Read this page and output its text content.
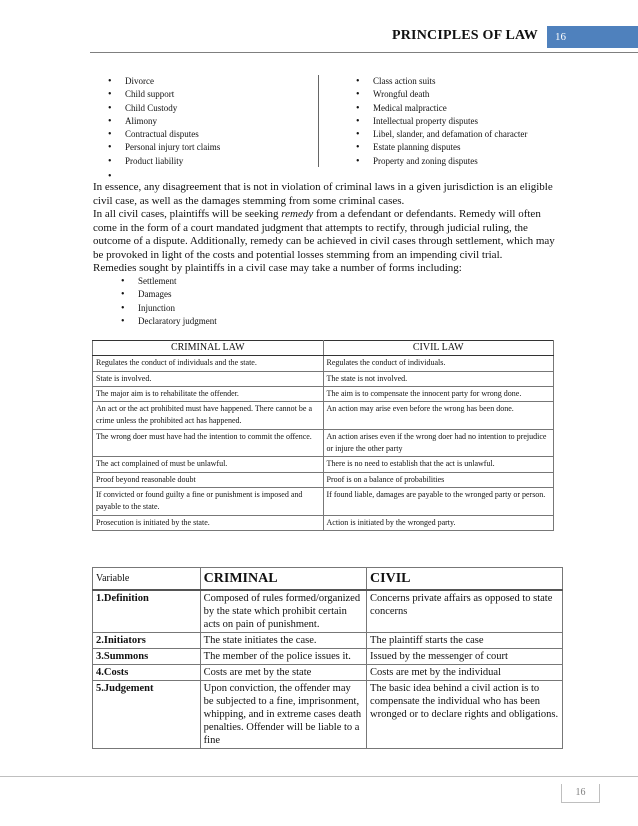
PRINCIPLES OF LAW	16
• Divorce
• Child support
• Child Custody
• Alimony
• Contractual disputes
• Personal injury tort claims
• Product liability
• Class action suits
• Wrongful death
• Medical malpractice
• Intellectual property disputes
• Libel, slander, and defamation of character
• Estate planning disputes
• Property and zoning disputes
•
In essence, any disagreement that is not in violation of criminal laws in a given jurisdiction is an eligible civil case, as well as the damages stemming from some criminal cases.
In all civil cases, plaintiffs will be seeking remedy from a defendant or defendants. Remedy will often come in the form of a court mandated judgment that attempts to rectify, through judicial ruling, the outcome of a dispute. Additionally, remedy can be achieved in civil cases through settlement, which may be provoked in light of the costs and potential losses stemming from an impending civil trial.
Remedies sought by plaintiffs in a civil case may take a number of forms including:
• Settlement
• Damages
• Injunction
• Declaratory judgment
CRIMINAL LAW	CIVIL LAW
Regulates the conduct of individuals and the state.	Regulates the conduct of individuals.
State is involved.	The state is not involved.
The major aim is to rehabilitate the offender.	The aim is to compensate the innocent party for wrong done.
An act or the act prohibited must have happened. There cannot be a crime unless the prohibited act has happened.	An action may arise even before the wrong has been done.
The wrong doer must have had the intention to commit the offence.	An action arises even if the wrong doer had no intention to prejudice or injure the other party
The act complained of must be unlawful.	There is no need to establish that the act is unlawful.
Proof beyond reasonable doubt	Proof is on a balance of probabilities
If convicted or found guilty a fine or punishment is imposed and payable to the state.	If found liable, damages are payable to the wronged party or person.
Prosecution is initiated by the state.	Action is initiated by the wronged party.
Variable	CRIMINAL	CIVIL
1.Definition	Composed of rules formed/organized by the state which prohibit certain acts on pain of punishment.	Concerns private affairs as opposed to state concerns
2.Initiators	The state initiates the case.	The plaintiff starts the case
3.Summons	The member of the police issues it.	Issued by the messenger of court
4.Costs	Costs are met by the state	Costs are met by the individual
5.Judgement	Upon conviction, the offender may be subjected to a fine, imprisonment, whipping, and in extreme cases death penalties. Offender will be liable to a fine	The basic idea behind a civil action is to compensate the individual who has been wronged or to declare rights and obligations.
16
